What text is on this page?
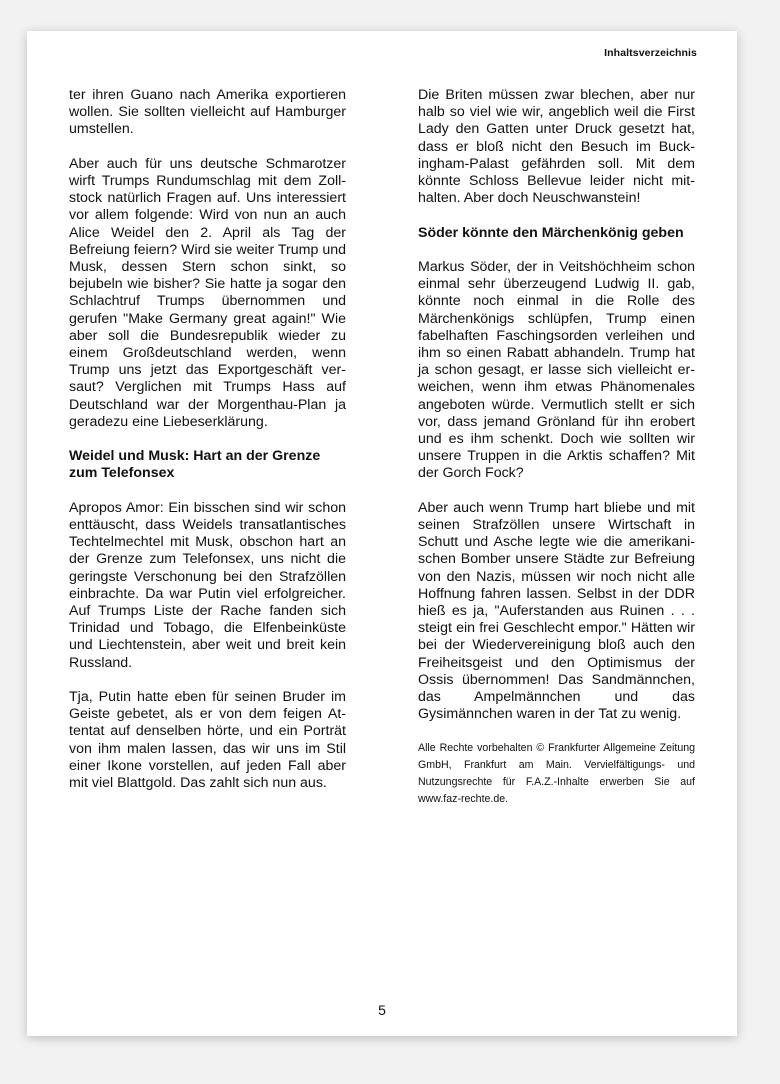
Inhaltsverzeichnis

ter ihren Guano nach Amerika exportieren wollen. Sie sollten vielleicht auf Hamburger umstellen.

Aber auch für uns deutsche Schmarotzer wirft Trumps Rundumschlag mit dem Zollstock natürlich Fragen auf. Uns interessiert vor allem folgende: Wird von nun an auch Alice Weidel den 2. April als Tag der Befreiung feiern? Wird sie weiter Trump und Musk, dessen Stern schon sinkt, so bejubeln wie bisher? Sie hatte ja sogar den Schlachtruf Trumps übernommen und gerufen "Make Germany great again!" Wie aber soll die Bundesrepublik wieder zu einem Großdeutschland werden, wenn Trump uns jetzt das Exportgeschäft versaut? Verglichen mit Trumps Hass auf Deutschland war der Morgenthau-Plan ja geradezu eine Liebeserklärung.

Weidel und Musk: Hart an der Grenze zum Telefonsex

Apropos Amor: Ein bisschen sind wir schon enttäuscht, dass Weidels transatlantisches Techtelmechtel mit Musk, obschon hart an der Grenze zum Telefonsex, uns nicht die geringste Verschonung bei den Strafzöllen einbrachte. Da war Putin viel erfolgreicher. Auf Trumps Liste der Rache fanden sich Trinidad und Tobago, die Elfenbeinküste und Liechtenstein, aber weit und breit kein Russland.

Tja, Putin hatte eben für seinen Bruder im Geiste gebetet, als er von dem feigen Attentat auf denselben hörte, und ein Porträt von ihm malen lassen, das wir uns im Stil einer Ikone vorstellen, auf jeden Fall aber mit viel Blattgold. Das zahlt sich nun aus.

Die Briten müssen zwar blechen, aber nur halb so viel wie wir, angeblich weil die First Lady den Gatten unter Druck gesetzt hat, dass er bloß nicht den Besuch im Buckingham-Palast gefährden soll. Mit dem könnte Schloss Bellevue leider nicht mithalten. Aber doch Neuschwanstein!

Söder könnte den Märchenkönig geben

Markus Söder, der in Veitshöchheim schon einmal sehr überzeugend Ludwig II. gab, könnte noch einmal in die Rolle des Märchenkönigs schlüpfen, Trump einen fabelhaften Faschingsorden verleihen und ihm so einen Rabatt abhandeln. Trump hat ja schon gesagt, er lasse sich vielleicht erweichen, wenn ihm etwas Phänomenales angeboten würde. Vermutlich stellt er sich vor, dass jemand Grönland für ihn erobert und es ihm schenkt. Doch wie sollten wir unsere Truppen in die Arktis schaffen? Mit der Gorch Fock?

Aber auch wenn Trump hart bliebe und mit seinen Strafzöllen unsere Wirtschaft in Schutt und Asche legte wie die amerikanischen Bomber unsere Städte zur Befreiung von den Nazis, müssen wir noch nicht alle Hoffnung fahren lassen. Selbst in der DDR hieß es ja, "Auferstanden aus Ruinen . . . steigt ein frei Geschlecht empor." Hätten wir bei der Wiedervereinigung bloß auch den Freiheitsgeist und den Optimismus der Ossis übernommen! Das Sandmännchen, das Ampelmännchen und das Gysimännchen waren in der Tat zu wenig.

Alle Rechte vorbehalten © Frankfurter Allgemeine Zeitung GmbH, Frankfurt am Main. Vervielfältigungs- und Nutzungsrechte für F.A.Z.-Inhalte erwerben Sie auf www.faz-rechte.de.

5
